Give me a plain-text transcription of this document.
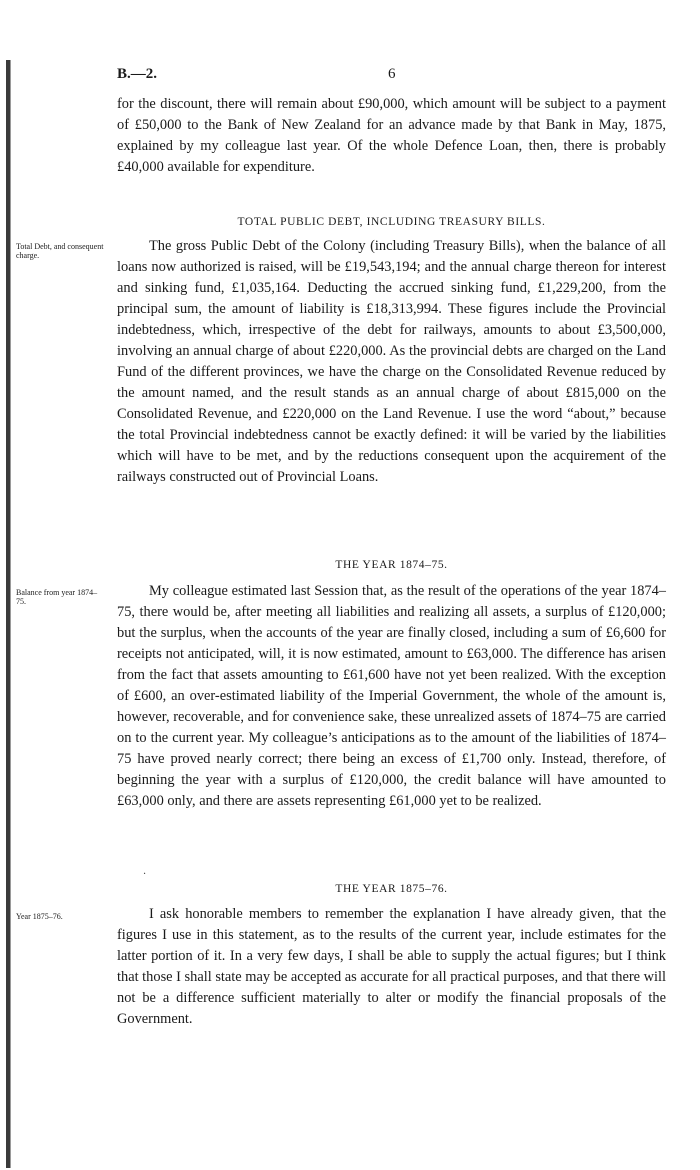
B.—2.	6

for the discount, there will remain about £90,000, which amount will be subject to a payment of £50,000 to the Bank of New Zealand for an advance made by that Bank in May, 1875, explained by my colleague last year. Of the whole Defence Loan, then, there is probably £40,000 available for expenditure.

TOTAL PUBLIC DEBT, INCLUDING TREASURY BILLS.

Total Debt, and consequent charge.

The gross Public Debt of the Colony (including Treasury Bills), when the balance of all loans now authorized is raised, will be £19,543,194; and the annual charge thereon for interest and sinking fund, £1,035,164. Deducting the accrued sinking fund, £1,229,200, from the principal sum, the amount of liability is £18,313,994. These figures include the Provincial indebtedness, which, irrespective of the debt for railways, amounts to about £3,500,000, involving an annual charge of about £220,000. As the provincial debts are charged on the Land Fund of the different provinces, we have the charge on the Consolidated Revenue reduced by the amount named, and the result stands as an annual charge of about £815,000 on the Consolidated Revenue, and £220,000 on the Land Revenue. I use the word “about,” because the total Provincial indebtedness cannot be exactly defined: it will be varied by the liabilities which will have to be met, and by the reductions consequent upon the acquirement of the railways constructed out of Provincial Loans.

THE YEAR 1874–75.

Balance from year 1874–75.

My colleague estimated last Session that, as the result of the operations of the year 1874–75, there would be, after meeting all liabilities and realizing all assets, a surplus of £120,000; but the surplus, when the accounts of the year are finally closed, including a sum of £6,600 for receipts not anticipated, will, it is now estimated, amount to £63,000. The difference has arisen from the fact that assets amounting to £61,600 have not yet been realized. With the exception of £600, an over-estimated liability of the Imperial Government, the whole of the amount is, however, recoverable, and for convenience sake, these unrealized assets of 1874–75 are carried on to the current year. My colleague’s anticipations as to the amount of the liabilities of 1874–75 have proved nearly correct; there being an excess of £1,700 only. Instead, therefore, of beginning the year with a surplus of £120,000, the credit balance will have amounted to £63,000 only, and there are assets representing £61,000 yet to be realized.

·

THE YEAR 1875–76.

Year 1875–76.	I ask honorable members to remember the explanation I have already given, that the figures I use in this statement, as to the results of the current year, include estimates for the latter portion of it. In a very few days, I shall be able to supply the actual figures; but I think that those I shall state may be accepted as accurate for all practical purposes, and that there will not be a difference sufficient materially to alter or modify the financial proposals of the Government.
